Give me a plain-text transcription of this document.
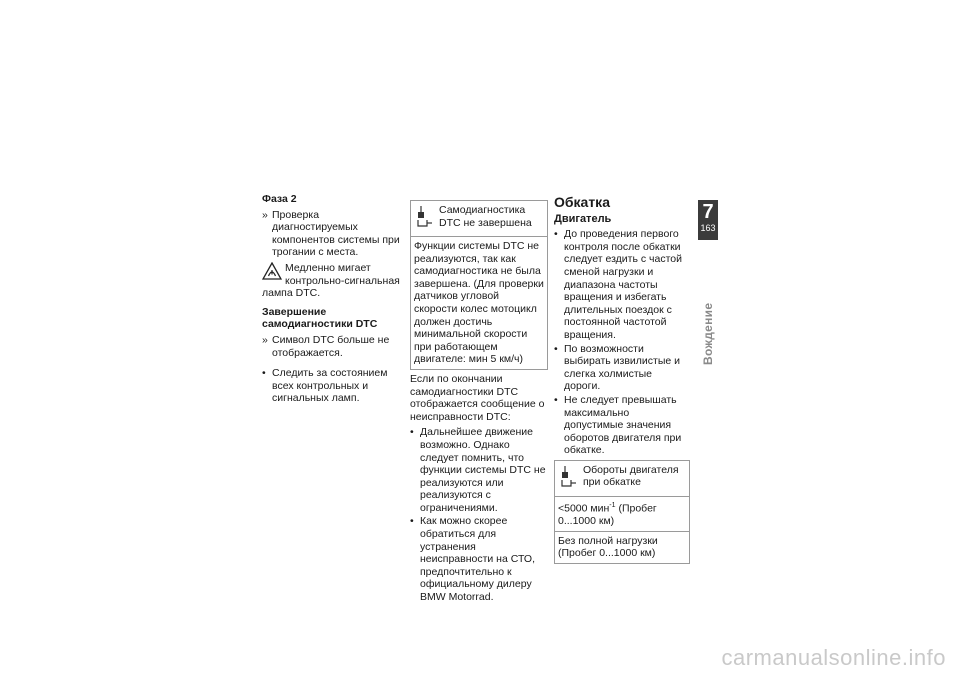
Фаза 2
» Проверка диагностируемых компонентов системы при трогании с места.
Медленно мигает контрольно-сигнальная лампа DTC.
Завершение
самодиагностики DTC
» Символ DTC больше не отображается.
• Следить за состоянием всех контрольных и сигнальных ламп.
Самодиагностика DTC не завершена
Функции системы DTC не реализуются, так как самодиагностика не была завершена. (Для проверки датчиков угловой скорости колес мотоцикл должен достичь минимальной скорости при работающем двигателе: мин 5 км/ч)
Если по окончании самодиагностики DTC отображается сообщение о неисправности DTC:
• Дальнейшее движение возможно. Однако следует помнить, что функции системы DTC не реализуются или реализуются с ограничениями.
• Как можно скорее обратиться для устранения неисправности на СТО, предпочтительно к официальному дилеру BMW Motorrad.
Обкатка
Двигатель
• До проведения первого контроля после обкатки следует ездить с частой сменой нагрузки и диапазона частоты вращения и избегать длительных поездок с постоянной частотой вращения.
• По возможности выбирать извилистые и слегка холмистые дороги.
• Не следует превышать максимально допустимые значения оборотов двигателя при обкатке.
Обороты двигателя при обкатке
<5000 мин$^{-1}$ (Пробег 0...1000 км)
Без полной нагрузки (Пробег 0...1000 км)
7
163
Вождение
carmanualsonline.info
